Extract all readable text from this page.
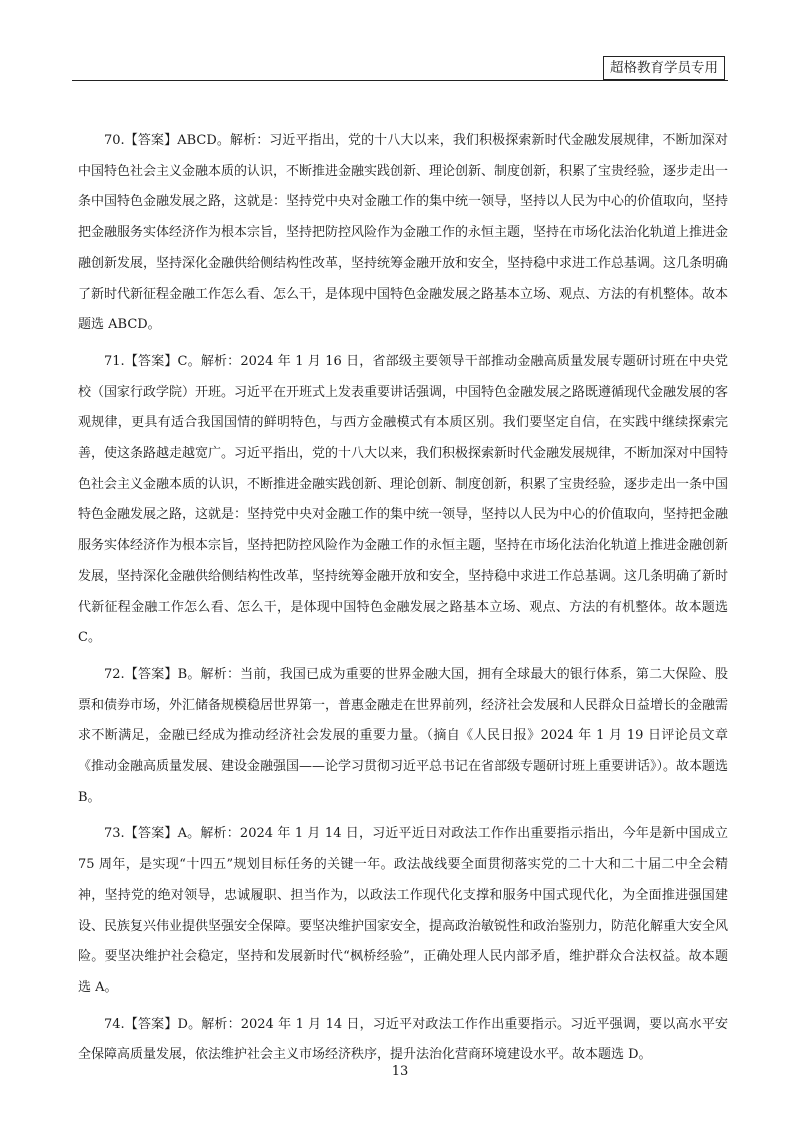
超格教育学员专用

70.【答案】ABCD。解析：习近平指出，党的十八大以来，我们积极探索新时代金融发展规律，不断加深对中国特色社会主义金融本质的认识，不断推进金融实践创新、理论创新、制度创新，积累了宝贵经验，逐步走出一条中国特色金融发展之路，这就是：坚持党中央对金融工作的集中统一领导，坚持以人民为中心的价值取向，坚持把金融服务实体经济作为根本宗旨，坚持把防控风险作为金融工作的永恒主题，坚持在市场化法治化轨道上推进金融创新发展，坚持深化金融供给侧结构性改革，坚持统筹金融开放和安全，坚持稳中求进工作总基调。这几条明确了新时代新征程金融工作怎么看、怎么干，是体现中国特色金融发展之路基本立场、观点、方法的有机整体。故本题选 ABCD。

71.【答案】C。解析：2024 年 1 月 16 日，省部级主要领导干部推动金融高质量发展专题研讨班在中央党校（国家行政学院）开班。习近平在开班式上发表重要讲话强调，中国特色金融发展之路既遵循现代金融发展的客观规律，更具有适合我国国情的鲜明特色，与西方金融模式有本质区别。我们要坚定自信，在实践中继续探索完善，使这条路越走越宽广。习近平指出，党的十八大以来，我们积极探索新时代金融发展规律，不断加深对中国特色社会主义金融本质的认识，不断推进金融实践创新、理论创新、制度创新，积累了宝贵经验，逐步走出一条中国特色金融发展之路，这就是：坚持党中央对金融工作的集中统一领导，坚持以人民为中心的价值取向，坚持把金融服务实体经济作为根本宗旨，坚持把防控风险作为金融工作的永恒主题，坚持在市场化法治化轨道上推进金融创新发展，坚持深化金融供给侧结构性改革，坚持统筹金融开放和安全，坚持稳中求进工作总基调。这几条明确了新时代新征程金融工作怎么看、怎么干，是体现中国特色金融发展之路基本立场、观点、方法的有机整体。故本题选 C。

72.【答案】B。解析：当前，我国已成为重要的世界金融大国，拥有全球最大的银行体系，第二大保险、股票和债券市场，外汇储备规模稳居世界第一，普惠金融走在世界前列，经济社会发展和人民群众日益增长的金融需求不断满足，金融已经成为推动经济社会发展的重要力量。（摘自《人民日报》2024 年 1 月 19 日评论员文章《推动金融高质量发展、建设金融强国——论学习贯彻习近平总书记在省部级专题研讨班上重要讲话》）。故本题选 B。

73.【答案】A。解析：2024 年 1 月 14 日，习近平近日对政法工作作出重要指示指出，今年是新中国成立 75 周年，是实现“十四五”规划目标任务的关键一年。政法战线要全面贯彻落实党的二十大和二十届二中全会精神，坚持党的绝对领导，忠诚履职、担当作为，以政法工作现代化支撑和服务中国式现代化，为全面推进强国建设、民族复兴伟业提供坚强安全保障。要坚决维护国家安全，提高政治敏锐性和政治鉴别力，防范化解重大安全风险。要坚决维护社会稳定，坚持和发展新时代“枫桥经验”，正确处理人民内部矛盾，维护群众合法权益。故本题选 A。

74.【答案】D。解析：2024 年 1 月 14 日，习近平对政法工作作出重要指示。习近平强调，要以高水平安全保障高质量发展，依法维护社会主义市场经济秩序，提升法治化营商环境建设水平。故本题选 D。

13
